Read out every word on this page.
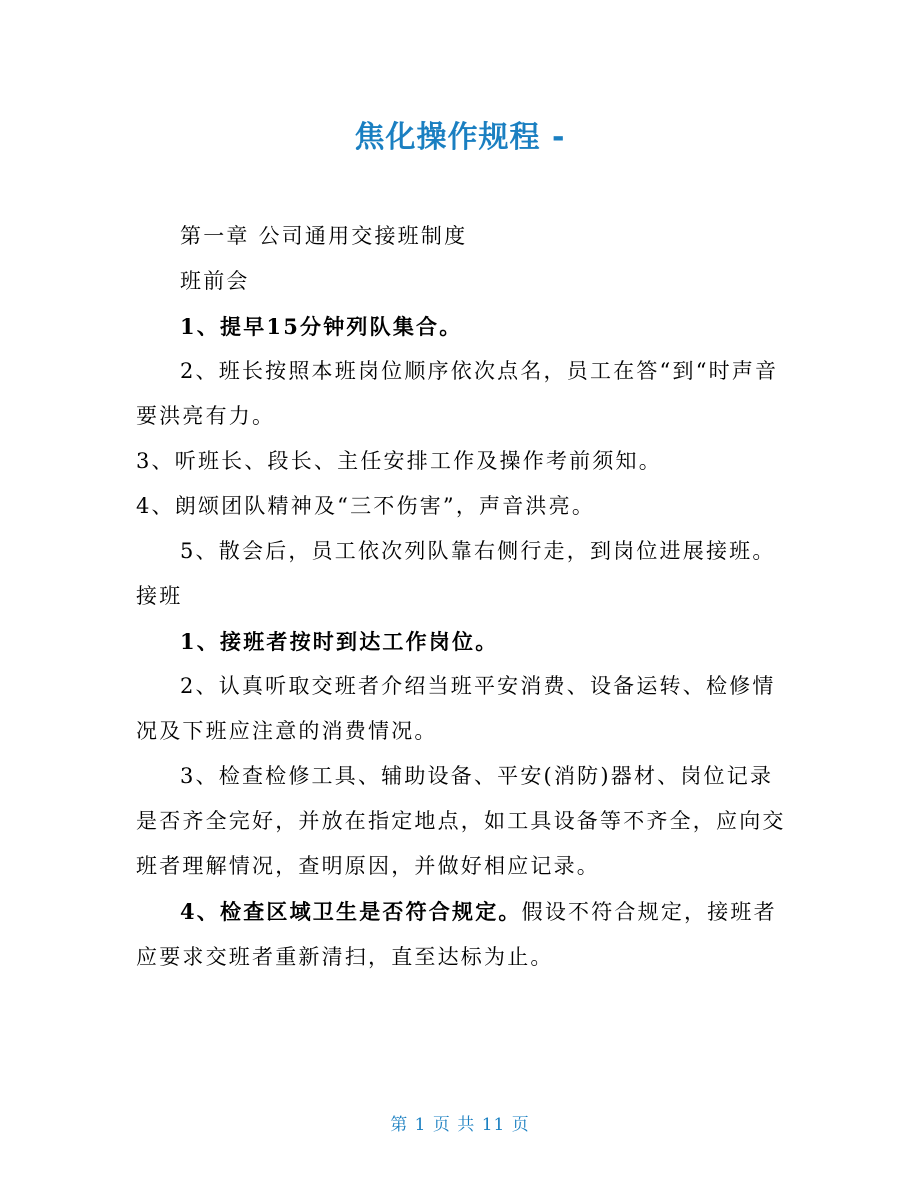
焦化操作规程 -

第一章 公司通用交接班制度

班前会

1、提早15分钟列队集合。

2、班长按照本班岗位顺序依次点名，员工在答“到“时声音要洪亮有力。

3、听班长、段长、主任安排工作及操作考前须知。

4、朗颂团队精神及“三不伤害”，声音洪亮。

5、散会后，员工依次列队靠右侧行走，到岗位进展接班。 接班

1、接班者按时到达工作岗位。

2、认真听取交班者介绍当班平安消费、设备运转、检修情况及下班应注意的消费情况。

3、检查检修工具、辅助设备、平安(消防)器材、岗位记录是否齐全完好，并放在指定地点，如工具设备等不齐全，应向交班者理解情况，查明原因，并做好相应记录。

4、检查区域卫生是否符合规定。假设不符合规定，接班者应要求交班者重新清扫，直至达标为止。

第 1 页 共 11 页
